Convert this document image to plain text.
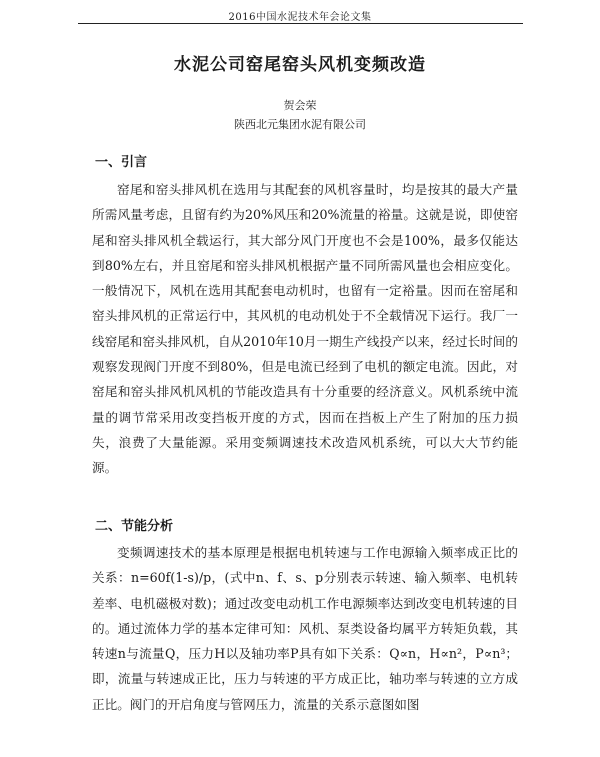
2016中国水泥技术年会论文集
水泥公司窑尾窑头风机变频改造
贺会荣
陕西北元集团水泥有限公司
一、引言

窑尾和窑头排风机在选用与其配套的风机容量时，均是按其的最大产量所需风量考虑，且留有约为20%风压和20%流量的裕量。这就是说，即使窑尾和窑头排风机全载运行，其大部分风门开度也不会是100%，最多仅能达到80%左右，并且窑尾和窑头排风机根据产量不同所需风量也会相应变化。一般情况下，风机在选用其配套电动机时，也留有一定裕量。因而在窑尾和窑头排风机的正常运行中，其风机的电动机处于不全载情况下运行。我厂一线窑尾和窑头排风机，自从2010年10月一期生产线投产以来，经过长时间的观察发现阀门开度不到80%，但是电流已经到了电机的额定电流。因此，对窑尾和窑头排风机风机的节能改造具有十分重要的经济意义。风机系统中流量的调节常采用改变挡板开度的方式，因而在挡板上产生了附加的压力损失，浪费了大量能源。采用变频调速技术改造风机系统，可以大大节约能源。

二、节能分析

变频调速技术的基本原理是根据电机转速与工作电源输入频率成正比的关系：n=60f(1-s)/p，(式中n、f、s、p分别表示转速、输入频率、电机转差率、电机磁极对数)；通过改变电动机工作电源频率达到改变电机转速的目的。通过流体力学的基本定律可知：风机、泵类设备均属平方转矩负载，其转速n与流量Q，压力H以及轴功率P具有如下关系：Q∝n，H∝n²，P∝n³；即，流量与转速成正比，压力与转速的平方成正比，轴功率与转速的立方成正比。阀门的开启角度与管网压力，流量的关系示意图如图
